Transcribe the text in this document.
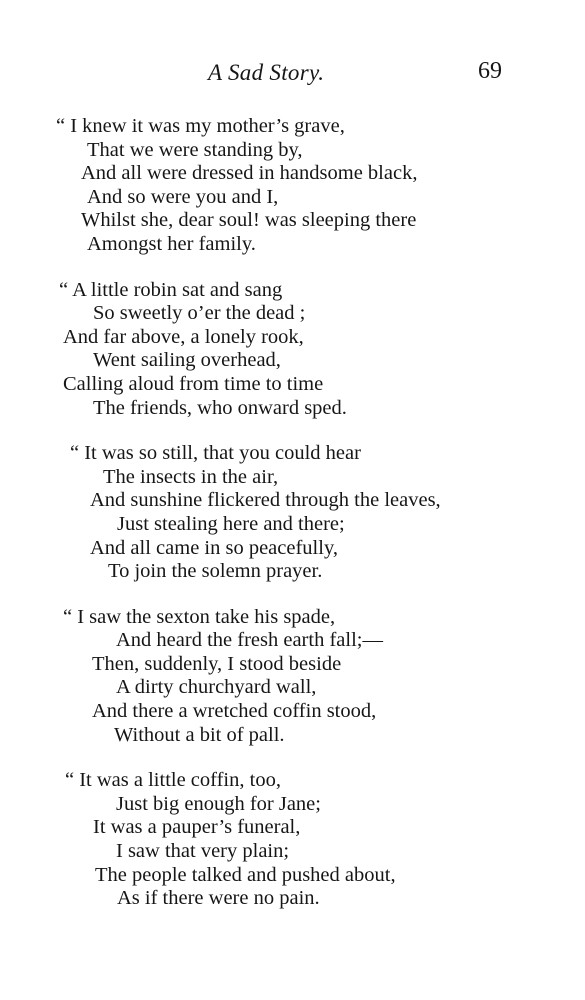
A Sad Story.	69
“ I knew it was my mother’s grave,
That we were standing by,
And all were dressed in handsome black,
And so were you and I,
Whilst she, dear soul! was sleeping there
Amongst her family.
“ A little robin sat and sang
So sweetly o’er the dead ;
And far above, a lonely rook,
Went sailing overhead,
Calling aloud from time to time
The friends, who onward sped.
“ It was so still, that you could hear
The insects in the air,
And sunshine flickered through the leaves,
Just stealing here and there;
And all came in so peacefully,
To join the solemn prayer.
“ I saw the sexton take his spade,
And heard the fresh earth fall;—
Then, suddenly, I stood beside
A dirty churchyard wall,
And there a wretched coffin stood,
Without a bit of pall.
“ It was a little coffin, too,
Just big enough for Jane;
It was a pauper’s funeral,
I saw that very plain;
The people talked and pushed about,
As if there were no pain.
